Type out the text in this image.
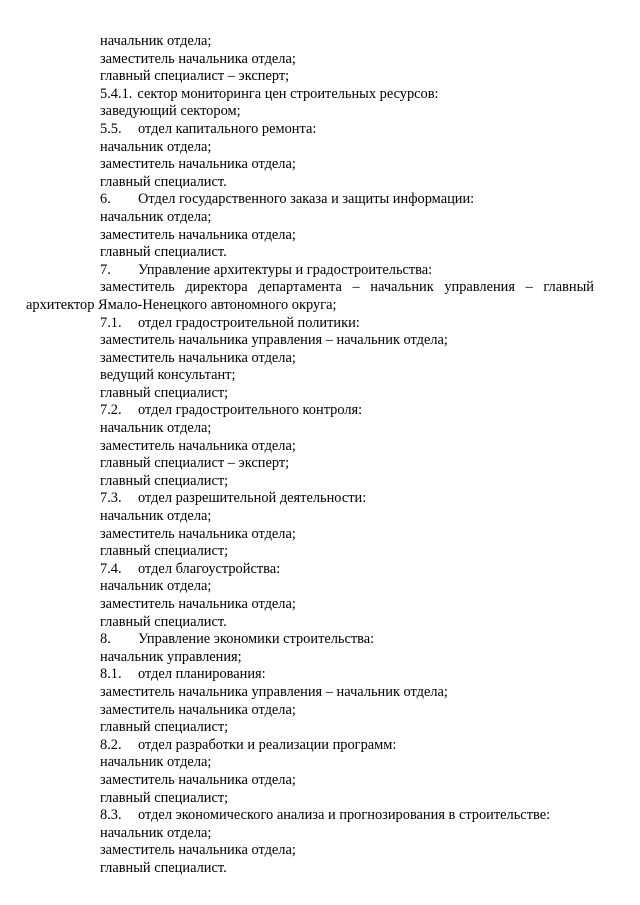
начальник отдела;
заместитель начальника отдела;
главный специалист – эксперт;
5.4.1. сектор мониторинга цен строительных ресурсов:
заведующий сектором;
5.5. отдел капитального ремонта:
начальник отдела;
заместитель начальника отдела;
главный специалист.
6. Отдел государственного заказа и защиты информации:
начальник отдела;
заместитель начальника отдела;
главный специалист.
7. Управление архитектуры и градостроительства:
заместитель директора департамента – начальник управления – главный архитектор Ямало-Ненецкого автономного округа;
7.1. отдел градостроительной политики:
заместитель начальника управления – начальник отдела;
заместитель начальника отдела;
ведущий консультант;
главный специалист;
7.2. отдел градостроительного контроля:
начальник отдела;
заместитель начальника отдела;
главный специалист – эксперт;
главный специалист;
7.3. отдел разрешительной деятельности:
начальник отдела;
заместитель начальника отдела;
главный специалист;
7.4. отдел благоустройства:
начальник отдела;
заместитель начальника отдела;
главный специалист.
8. Управление экономики строительства:
начальник управления;
8.1. отдел планирования:
заместитель начальника управления – начальник отдела;
заместитель начальника отдела;
главный специалист;
8.2. отдел разработки и реализации программ:
начальник отдела;
заместитель начальника отдела;
главный специалист;
8.3. отдел экономического анализа и прогнозирования в строительстве:
начальник отдела;
заместитель начальника отдела;
главный специалист.
